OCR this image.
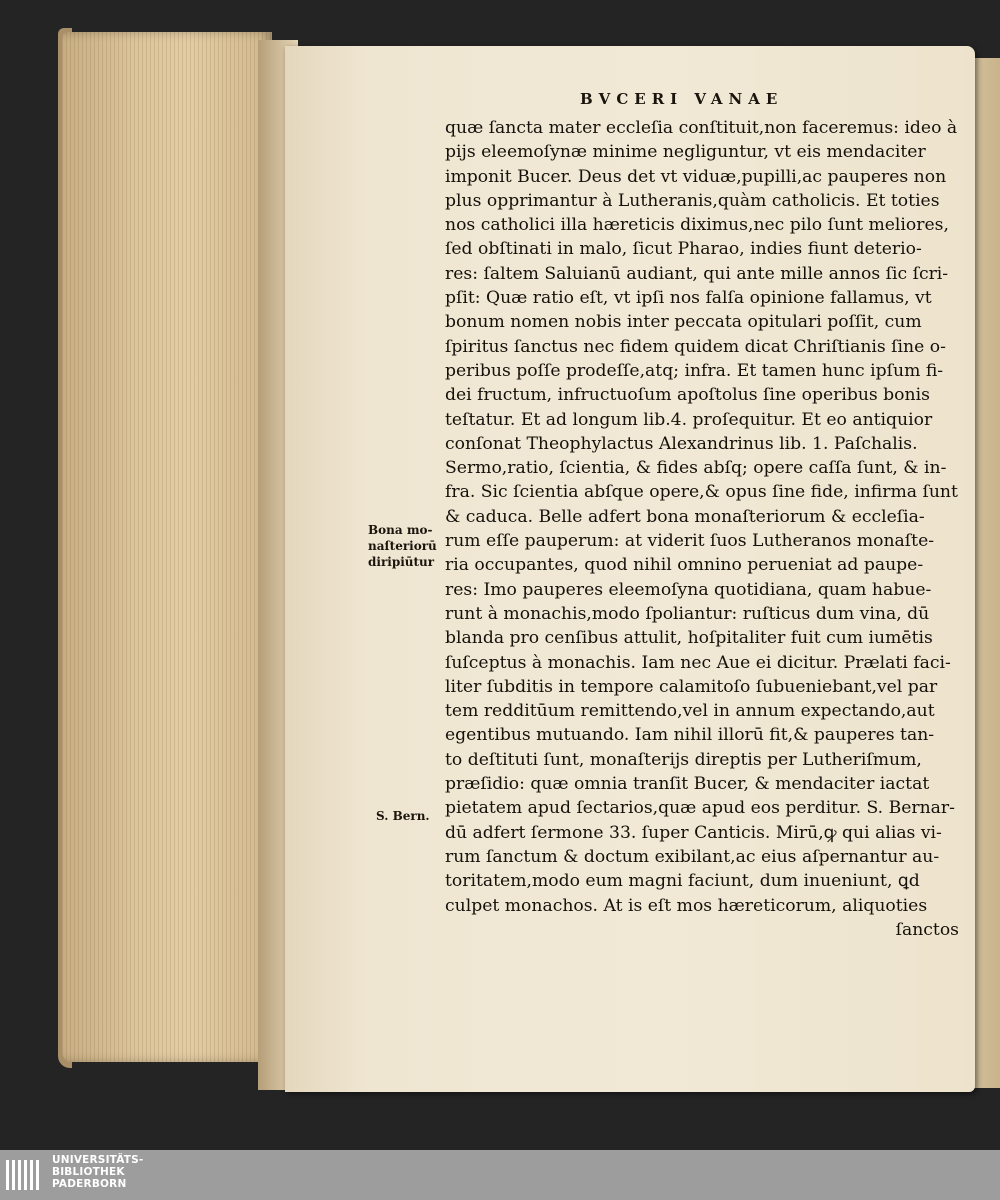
BVCERI VANAE
quæ ſancta mater eccleſia conſtituit,non faceremus: ideo à
pijs eleemoſynæ minime negliguntur, vt eis mendaciter
imponit Bucer. Deus det vt viduæ,pupilli,ac pauperes non
plus opprimantur à Lutheranis,quàm catholicis. Et toties
nos catholici illa hæreticis diximus,nec pilo ſunt meliores,
ſed obſtinati in malo, ſicut Pharao, indies fiunt deterio-
res: ſaltem Saluianū audiant, qui ante mille annos ſic ſcri-
pſit: Quæ ratio eſt, vt ipſi nos falſa opinione fallamus, vt
bonum nomen nobis inter peccata opitulari poſſit, cum
ſpiritus ſanctus nec fidem quidem dicat Chriſtianis ſine o-
peribus poſſe prodeſſe,atq; infra. Et tamen hunc ipſum fi-
dei fructum, infructuoſum apoſtolus ſine operibus bonis
teſtatur. Et ad longum lib.4. proſequitur. Et eo antiquior
conſonat Theophylactus Alexandrinus lib. 1. Paſchalis.
Sermo,ratio, ſcientia, & fides abſq; opere caſſa ſunt, & in-
fra. Sic ſcientia abſque opere,& opus ſine fide, infirma ſunt
& caduca. Belle adfert bona monaſteriorum & eccleſia-
rum eſſe pauperum: at viderit ſuos Lutheranos monaſte-
ria occupantes, quod nihil omnino perueniat ad paupe-
res: Imo pauperes eleemoſyna quotidiana, quam habue-
runt à monachis,modo ſpoliantur: ruſticus dum vina, dū
blanda pro cenſibus attulit, hoſpitaliter fuit cum iumētis
ſuſceptus à monachis. Iam nec Aue ei dicitur. Prælati faci-
liter ſubditis in tempore calamitoſo ſubueniebant,vel par
tem redditūum remittendo,vel in annum expectando,aut
egentibus mutuando. Iam nihil illorū fit,& pauperes tan-
to deſtituti ſunt, monaſterijs direptis per Lutheriſmum,
præſidio: quæ omnia tranſit Bucer, & mendaciter iactat
pietatem apud ſectarios,quæ apud eos perditur. S. Bernar-
dū adfert ſermone 33. ſuper Canticis. Mirū,ꝙ qui alias vi-
rum ſanctum & doctum exibilant,ac eius aſpernantur au-
toritatem,modo eum magni faciunt, dum inueniunt, ꝗd
culpet monachos. At is eſt mos hæreticorum, aliquoties
ſanctos
Bona mo-
naſteriorū
diripiūtur
S. Bern.
UNIVERSITÄTS-
BIBLIOTHEK
PADERBORN
